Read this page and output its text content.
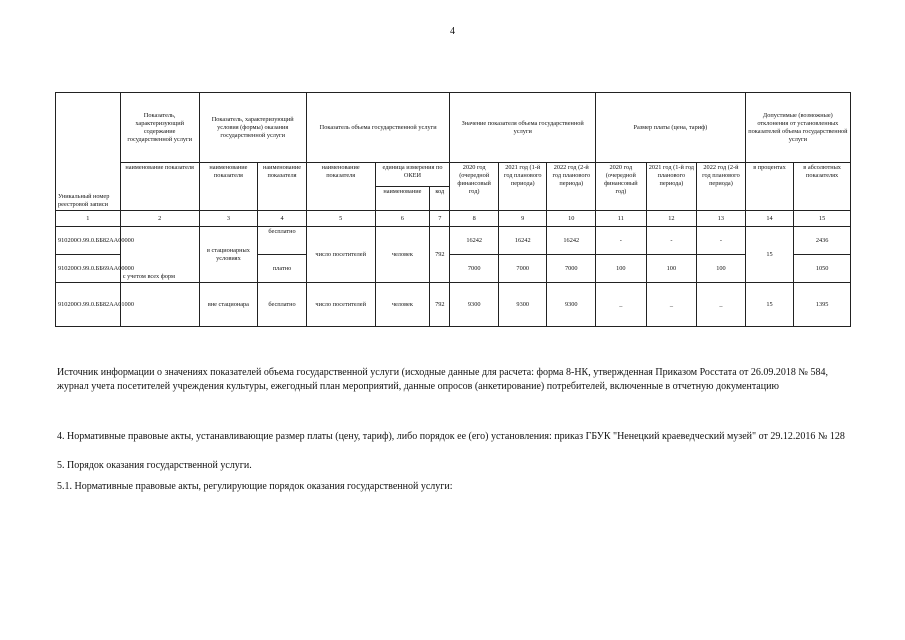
4
Уникальный номер реестровой записи	Показатель, характеризующий содержание государственной услуги	Показатель, характеризующий условия (формы) оказания государственной услуги		Показатель объема государственной услуги			Значение показателя объема государственной услуги			Размер платы (цена, тариф)			Допустимые (возможные) отклонения от установленных показателей объема государственной услуги	
	наименование показателя	наименование показателя	наименование показателя	наименование показателя	единица измерения по ОКЕИ		2020 год (очередной финансовый год)	2021 год (1-й год планового периода)	2022 год (2-й год планового периода)	2020 год (очередной финансовый год)	2021 год (1-й год планового периода)	2022 год (2-й год планового периода)	в процентах	в абсолютных показателях
					наименование	код								
1	2	3	4	5	6	7	8	9	10	11	12	13	14	15
910200О.99.0.ББ82АА00000	с учетом всех форм	в стационарных условиях	бесплатно	число посетителей	человек	792	16242	16242	16242	-	-	-	15	2436
910200О.99.0.ББ69АА00000			платно				7000	7000	7000	100	100	100		1050
910200О.99.0.ББ82АА01000		вне стационара	бесплатно	число посетителей	человек	792	9300	9300	9300	_	_	_	15	1395
Источник информации о значениях показателей объема государственной услуги (исходные данные для расчета: форма 8-НК, утвержденная Приказом Росстата от 26.09.2018 № 584, журнал учета посетителей учреждения культуры, ежегодный план мероприятий, данные опросов (анкетирование) потребителей, включенные в отчетную документацию
4. Нормативные правовые акты, устанавливающие размер платы (цену, тариф), либо порядок ее (его) установления: приказ ГБУК "Ненецкий краеведческий музей" от 29.12.2016 № 128
5. Порядок оказания государственной услуги.
5.1. Нормативные правовые акты, регулирующие порядок оказания государственной услуги:
